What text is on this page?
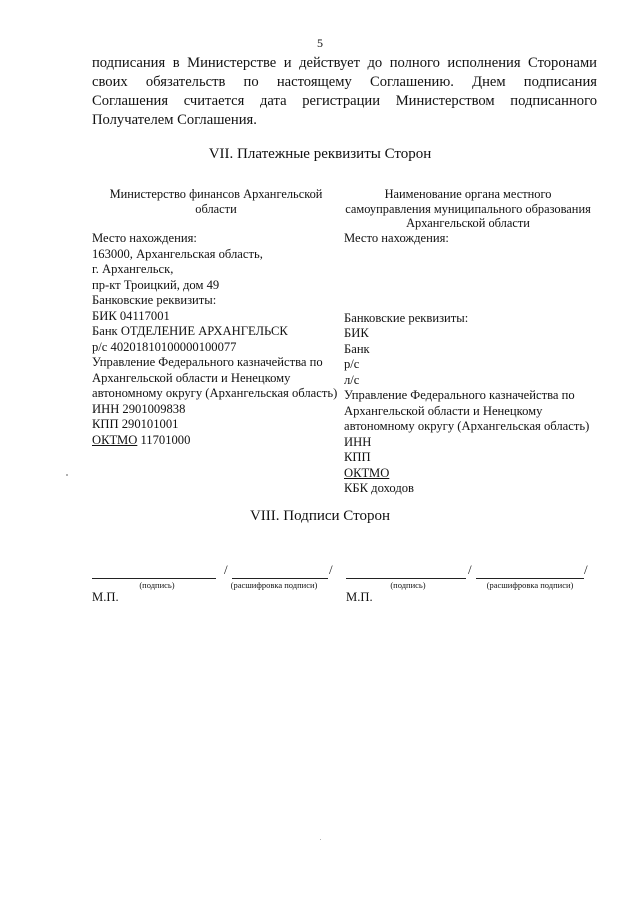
5
подписания в Министерстве и действует до полного исполнения Сторонами
своих обязательств по настоящему Соглашению. Днем подписания
Соглашения считается дата регистрации Министерством подписанного
Получателем Соглашения.
VII. Платежные реквизиты Сторон
Министерство финансов Архангельской области
Место нахождения:
163000, Архангельская область,
г. Архангельск,
пр-кт Троицкий, дом 49
Банковские реквизиты:
БИК 04117001
Банк ОТДЕЛЕНИЕ АРХАНГЕЛЬСК
р/с 40201810100000100077
Управление Федерального казначейства по Архангельской области и Ненецкому автономному округу (Архангельская область)
ИНН 2901009838
КПП 290101001
ОКТМО 11701000
Наименование органа местного самоуправления муниципального образования Архангельской области
Место нахождения:
Банковские реквизиты:
БИК
Банк
р/с
л/с
Управление Федерального казначейства по Архангельской области и Ненецкому автономному округу (Архангельская область)
ИНН
КПП
ОКТМО
КБК доходов
VIII. Подписи Сторон
/	/
(подпись)	(расшифровка подписи)
М.П.
/	/
(подпись)	(расшифровка подписи)
М.П.
